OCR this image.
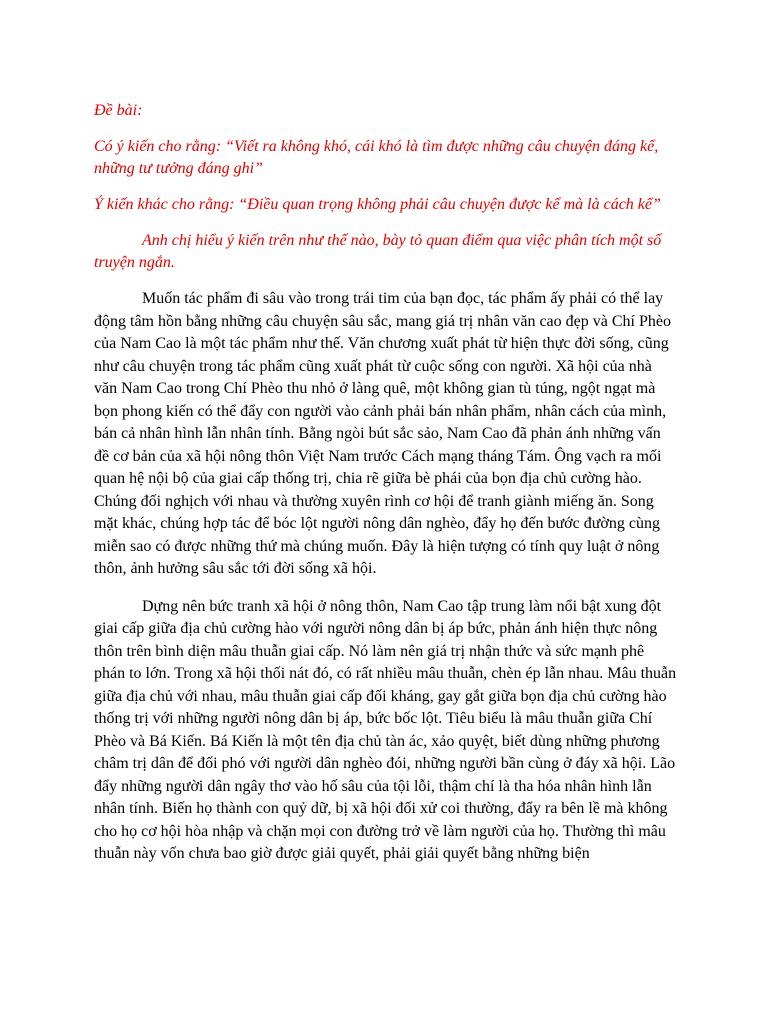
Đề bài:

Có ý kiến cho rằng: “Viết ra không khó, cái khó là tìm được những câu chuyện đáng kể, những tư tưởng đáng ghi”

Ý kiến khác cho rằng: “Điều quan trọng không phải câu chuyện được kể mà là cách kể”

Anh chị hiểu ý kiến trên như thế nào, bày tỏ quan điểm qua việc phân tích một số truyện ngắn.

Muốn tác phẩm đi sâu vào trong trái tim của bạn đọc, tác phẩm ấy phải có thể lay động tâm hồn bằng những câu chuyện sâu sắc, mang giá trị nhân văn cao đẹp và Chí Phèo của Nam Cao là một tác phẩm như thế. Văn chương xuất phát từ hiện thực đời sống, cũng như câu chuyện trong tác phẩm cũng xuất phát từ cuộc sống con người. Xã hội của nhà văn Nam Cao trong Chí Phèo thu nhỏ ở làng quê, một không gian tù túng, ngột ngạt mà bọn phong kiến có thể đẩy con người vào cảnh phải bán nhân phẩm, nhân cách của mình, bán cả nhân hình lẫn nhân tính. Bằng ngòi bút sắc sảo, Nam Cao đã phản ánh những vấn đề cơ bản của xã hội nông thôn Việt Nam trước Cách mạng tháng Tám. Ông vạch ra mối quan hệ nội bộ của giai cấp thống trị, chia rẽ giữa bè phái của bọn địa chủ cường hào. Chúng đối nghịch với nhau và thường xuyên rình cơ hội để tranh giành miếng ăn. Song mặt khác, chúng hợp tác để bóc lột người nông dân nghèo, đẩy họ đến bước đường cùng miễn sao có được những thứ mà chúng muốn. Đây là hiện tượng có tính quy luật ở nông thôn, ảnh hưởng sâu sắc tới đời sống xã hội.

Dựng nên bức tranh xã hội ở nông thôn, Nam Cao tập trung làm nổi bật xung đột giai cấp giữa địa chủ cường hào với người nông dân bị áp bức, phản ánh hiện thực nông thôn trên bình diện mâu thuẫn giai cấp. Nó làm nên giá trị nhận thức và sức mạnh phê phán to lớn. Trong xã hội thối nát đó, có rất nhiều mâu thuẫn, chèn ép lẫn nhau. Mâu thuẫn giữa địa chủ với nhau, mâu thuẫn giai cấp đối kháng, gay gắt giữa bọn địa chủ cường hào thống trị với những người nông dân bị áp, bức bốc lột. Tiêu biểu là mâu thuẫn giữa Chí Phèo và Bá Kiến. Bá Kiến là một tên địa chủ tàn ác, xảo quyệt, biết dùng những phương châm trị dân để đối phó với người dân nghèo đói, những người bần cùng ở đáy xã hội. Lão đẩy những người dân ngây thơ vào hố sâu của tội lỗi, thậm chí là tha hóa nhân hình lẫn nhân tính. Biến họ thành con quỷ dữ, bị xã hội đối xử coi thường, đẩy ra bên lề mà không cho họ cơ hội hòa nhập và chặn mọi con đường trở về làm người của họ. Thường thì mâu thuẫn này vốn chưa bao giờ được giải quyết, phải giải quyết bằng những biện
